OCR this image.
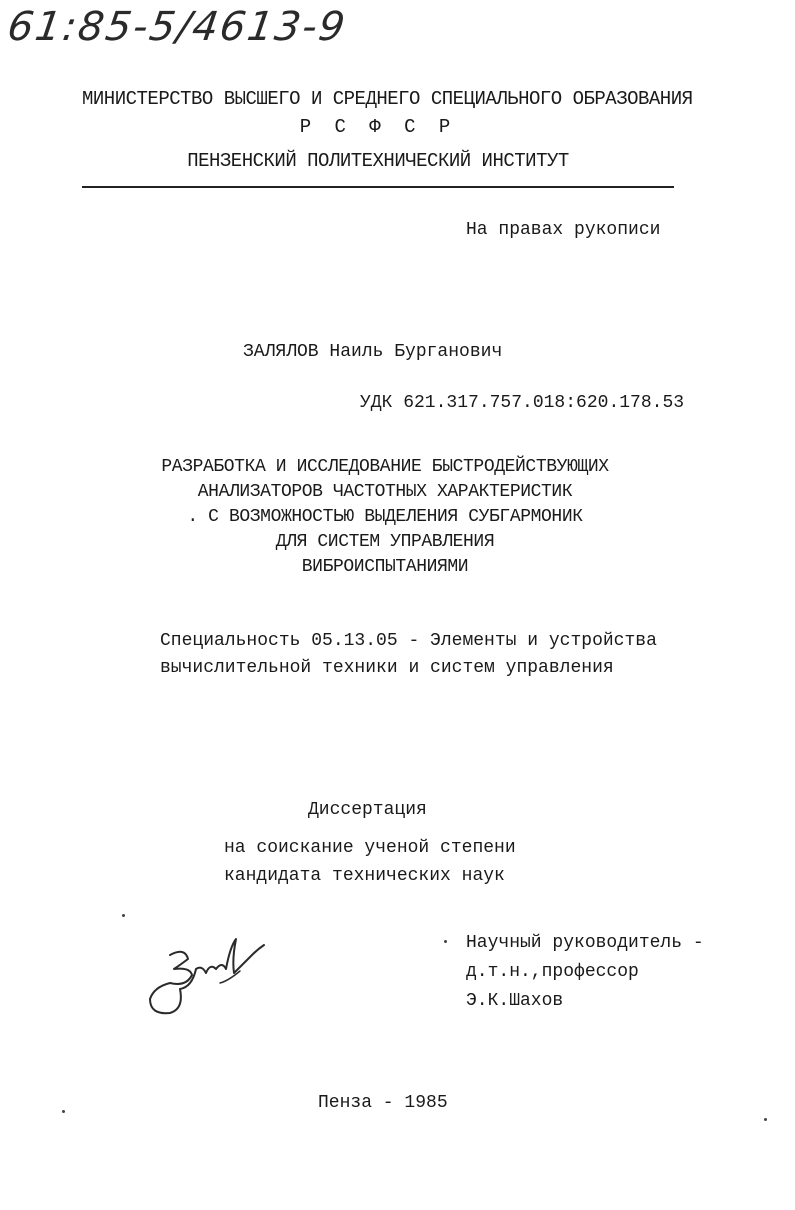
61:85-5/4613-9
МИНИСТЕРСТВО ВЫСШЕГО И СРЕДНЕГО СПЕЦИАЛЬНОГО ОБРАЗОВАНИЯ
Р С Ф С Р
ПЕНЗЕНСКИЙ ПОЛИТЕХНИЧЕСКИЙ ИНСТИТУТ
На правах рукописи
ЗАЛЯЛОВ Наиль Бурганович
УДК 621.317.757.018:620.178.53
РАЗРАБОТКА И ИССЛЕДОВАНИЕ БЫСТРОДЕЙСТВУЮЩИХ
АНАЛИЗАТОРОВ ЧАСТОТНЫХ ХАРАКТЕРИСТИК
. С ВОЗМОЖНОСТЬЮ ВЫДЕЛЕНИЯ СУБГАРМОНИК
ДЛЯ СИСТЕМ УПРАВЛЕНИЯ
ВИБРОИСПЫТАНИЯМИ
Специальность 05.13.05 - Элементы и устройства
вычислительной техники и систем управления
Диссертация
на соискание ученой степени
кандидата технических наук
Научный руководитель -
д.т.н.,профессор
Э.К.Шахов
Пенза - 1985
